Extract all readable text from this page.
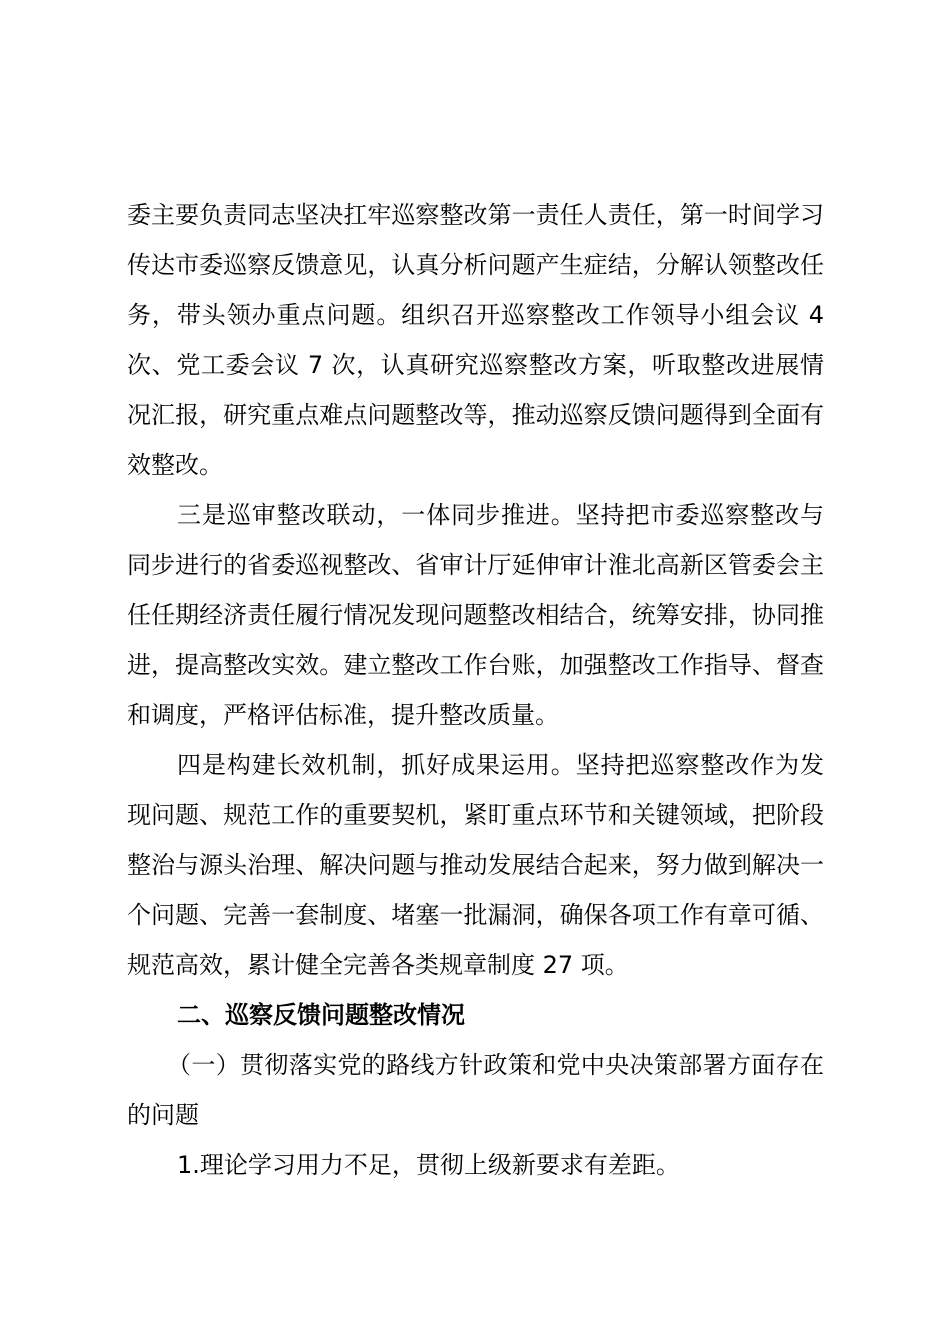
委主要负责同志坚决扛牢巡察整改第一责任人责任，第一时间学习传达市委巡察反馈意见，认真分析问题产生症结，分解认领整改任务，带头领办重点问题。组织召开巡察整改工作领导小组会议 4 次、党工委会议 7 次，认真研究巡察整改方案，听取整改进展情况汇报，研究重点难点问题整改等，推动巡察反馈问题得到全面有效整改。

三是巡审整改联动，一体同步推进。坚持把市委巡察整改与同步进行的省委巡视整改、省审计厅延伸审计淮北高新区管委会主任任期经济责任履行情况发现问题整改相结合，统筹安排，协同推进，提高整改实效。建立整改工作台账，加强整改工作指导、督查和调度，严格评估标准，提升整改质量。

四是构建长效机制，抓好成果运用。坚持把巡察整改作为发现问题、规范工作的重要契机，紧盯重点环节和关键领域，把阶段整治与源头治理、解决问题与推动发展结合起来，努力做到解决一个问题、完善一套制度、堵塞一批漏洞，确保各项工作有章可循、规范高效，累计健全完善各类规章制度 27 项。

二、巡察反馈问题整改情况

（一）贯彻落实党的路线方针政策和党中央决策部署方面存在的问题

1.理论学习用力不足，贯彻上级新要求有差距。
